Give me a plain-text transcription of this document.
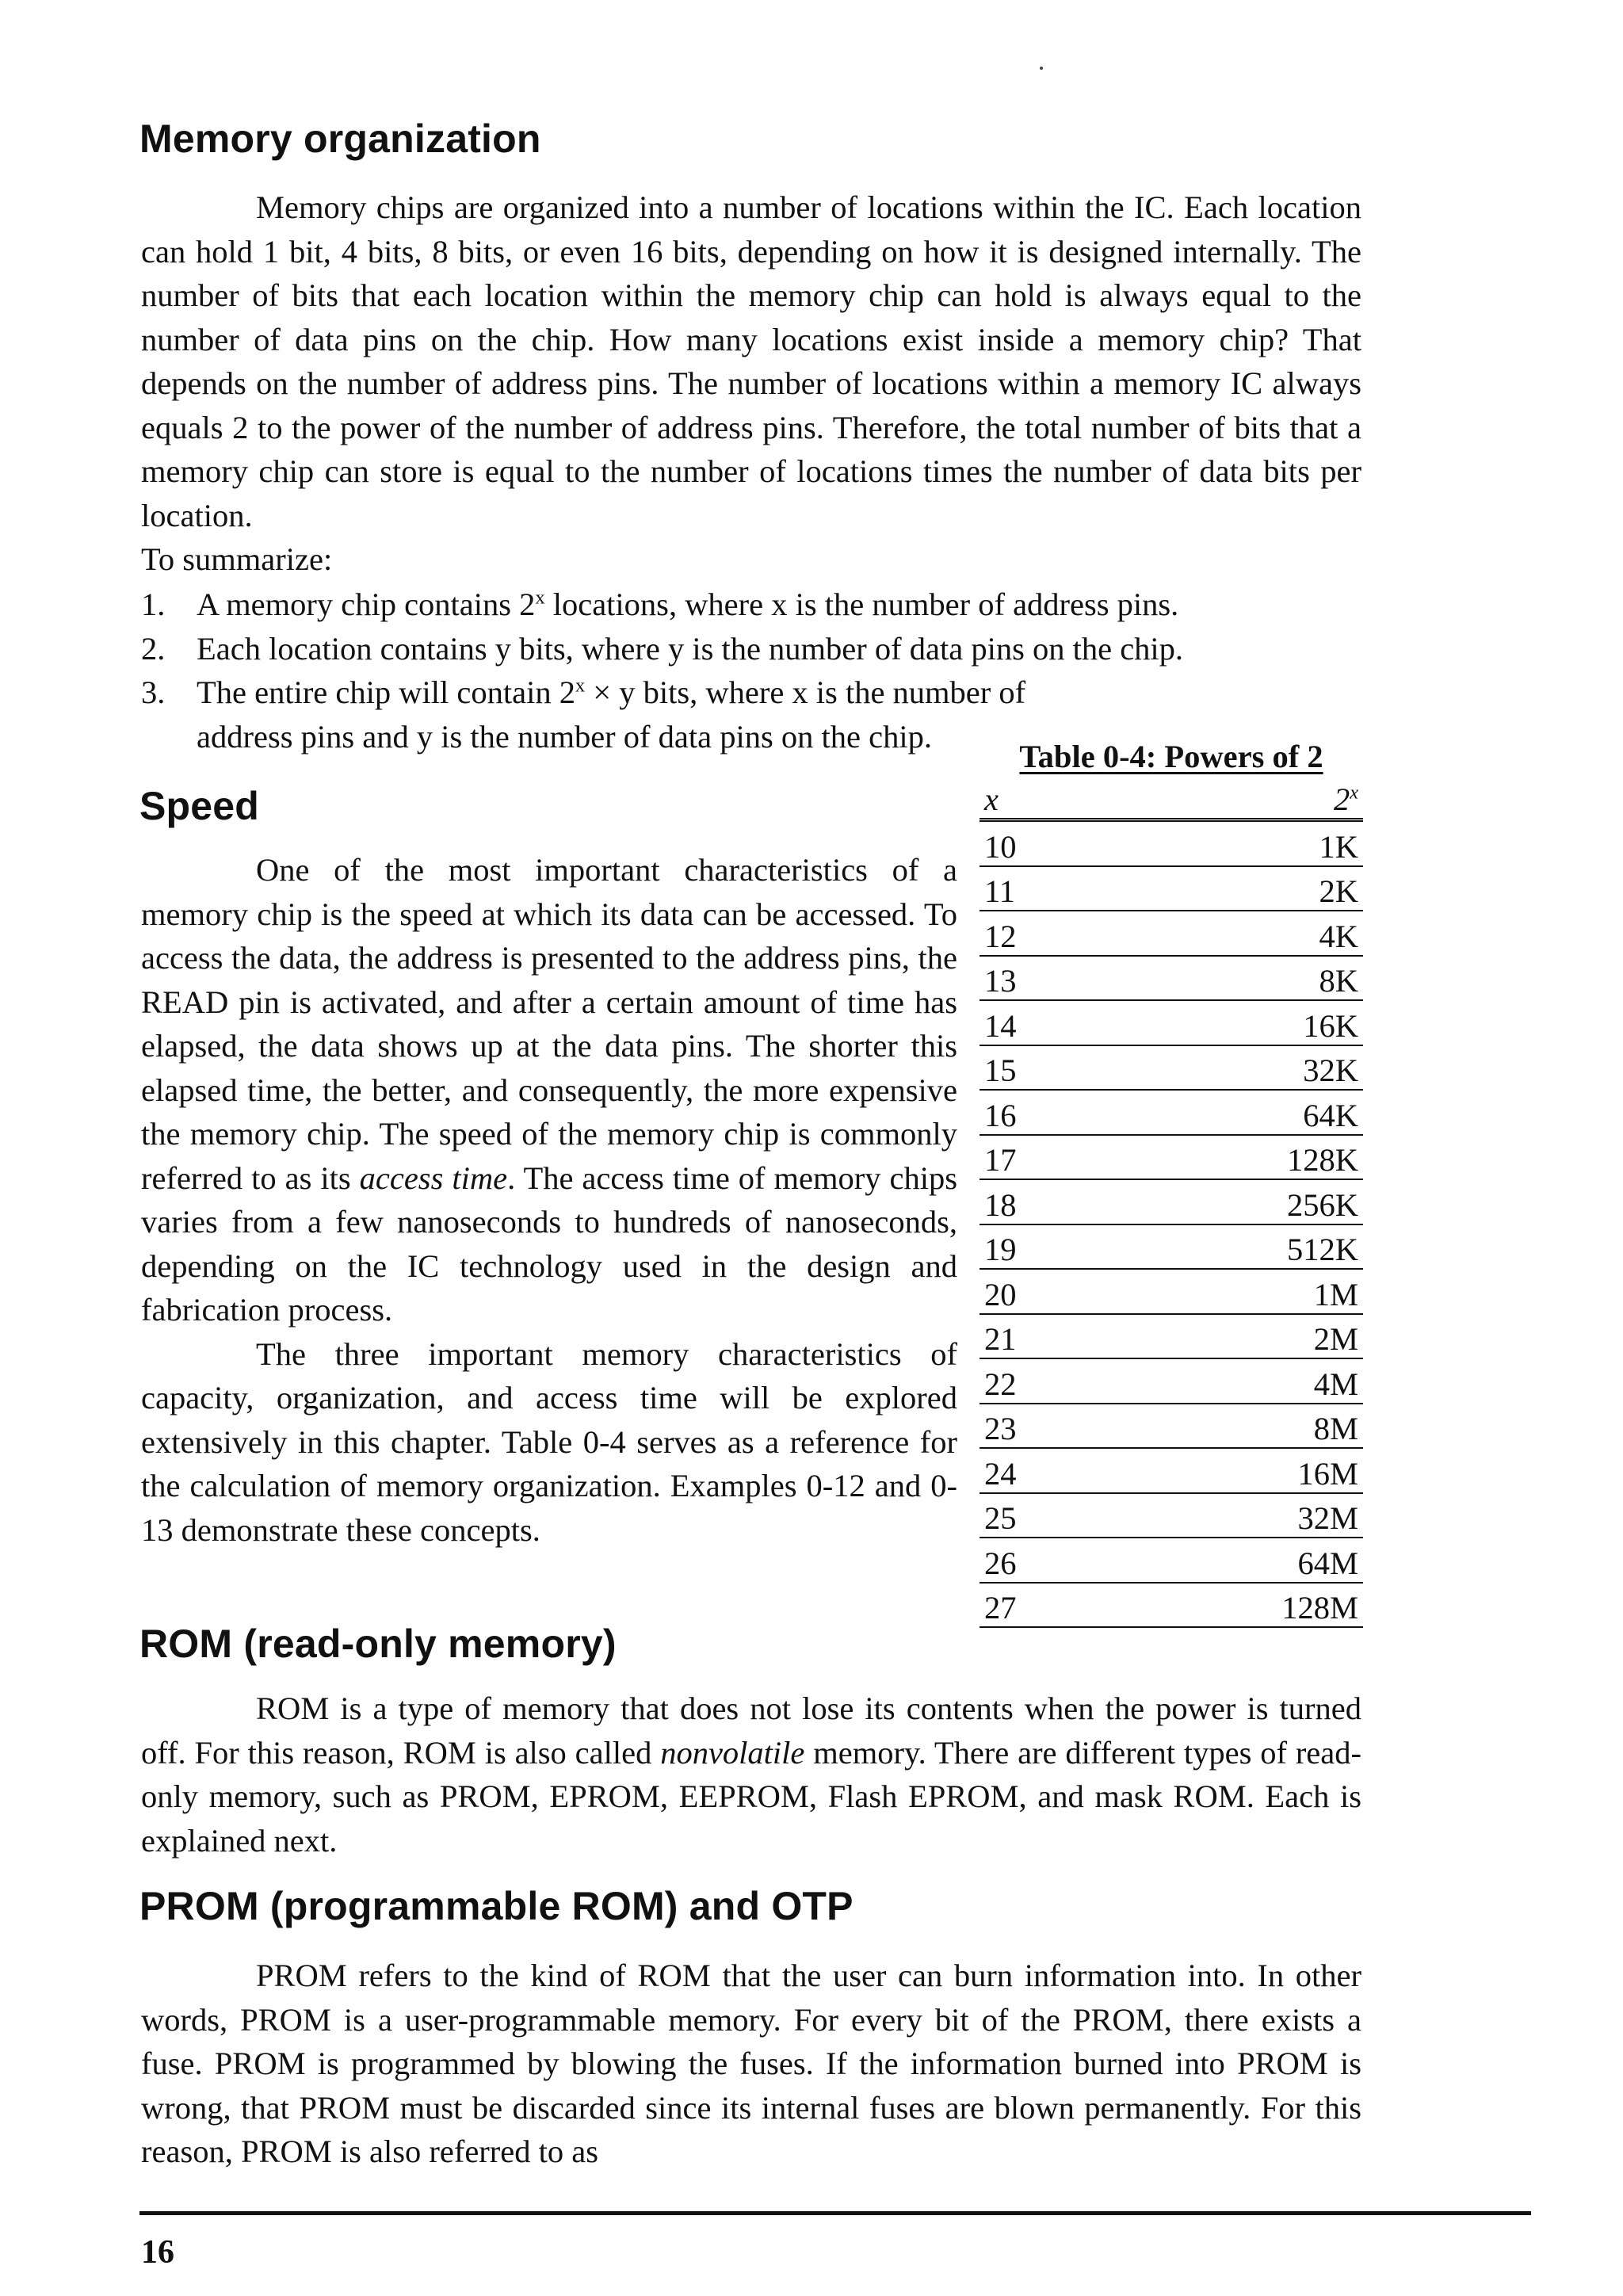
Memory organization

Memory chips are organized into a number of locations within the IC. Each location can hold 1 bit, 4 bits, 8 bits, or even 16 bits, depending on how it is designed internally. The number of bits that each location within the memory chip can hold is always equal to the number of data pins on the chip. How many locations exist inside a memory chip? That depends on the number of address pins. The number of locations within a memory IC always equals 2 to the power of the number of address pins. Therefore, the total number of bits that a memory chip can store is equal to the number of locations times the number of data bits per location.

To summarize:

1. A memory chip contains 2$^x$ locations, where x is the number of address pins.
2. Each location contains y bits, where y is the number of data pins on the chip.
3. The entire chip will contain $2^x \times y$ bits, where x is the number of address pins and y is the number of data pins on the chip.
Speed

One of the most important characteristics of a memory chip is the speed at which its data can be accessed. To access the data, the address is presented to the address pins, the READ pin is activated, and after a certain amount of time has elapsed, the data shows up at the data pins. The shorter this elapsed time, the better, and consequently, the more expensive the memory chip. The speed of the memory chip is commonly referred to as its access time. The access time of memory chips varies from a few nanoseconds to hundreds of nanoseconds, depending on the IC technology used in the design and fabrication process.

The three important memory characteristics of capacity, organization, and access time will be explored extensively in this chapter. Table 0-4 serves as a reference for the calculation of memory organization. Examples 0-12 and 0-13 demonstrate these concepts.

Table 0-4: Powers of 2
x	2$^x$
10	1K
11	2K
12	4K
13	8K
14	16K
15	32K
16	64K
17	128K
18	256K
19	512K
20	1M
21	2M
22	4M
23	8M
24	16M
25	32M
26	64M
27	128M
ROM (read-only memory)

ROM is a type of memory that does not lose its contents when the power is turned off. For this reason, ROM is also called nonvolatile memory. There are different types of read-only memory, such as PROM, EPROM, EEPROM, Flash EPROM, and mask ROM. Each is explained next.

PROM (programmable ROM) and OTP

PROM refers to the kind of ROM that the user can burn information into. In other words, PROM is a user-programmable memory. For every bit of the PROM, there exists a fuse. PROM is programmed by blowing the fuses. If the information burned into PROM is wrong, that PROM must be discarded since its internal fuses are blown permanently. For this reason, PROM is also referred to as

16
